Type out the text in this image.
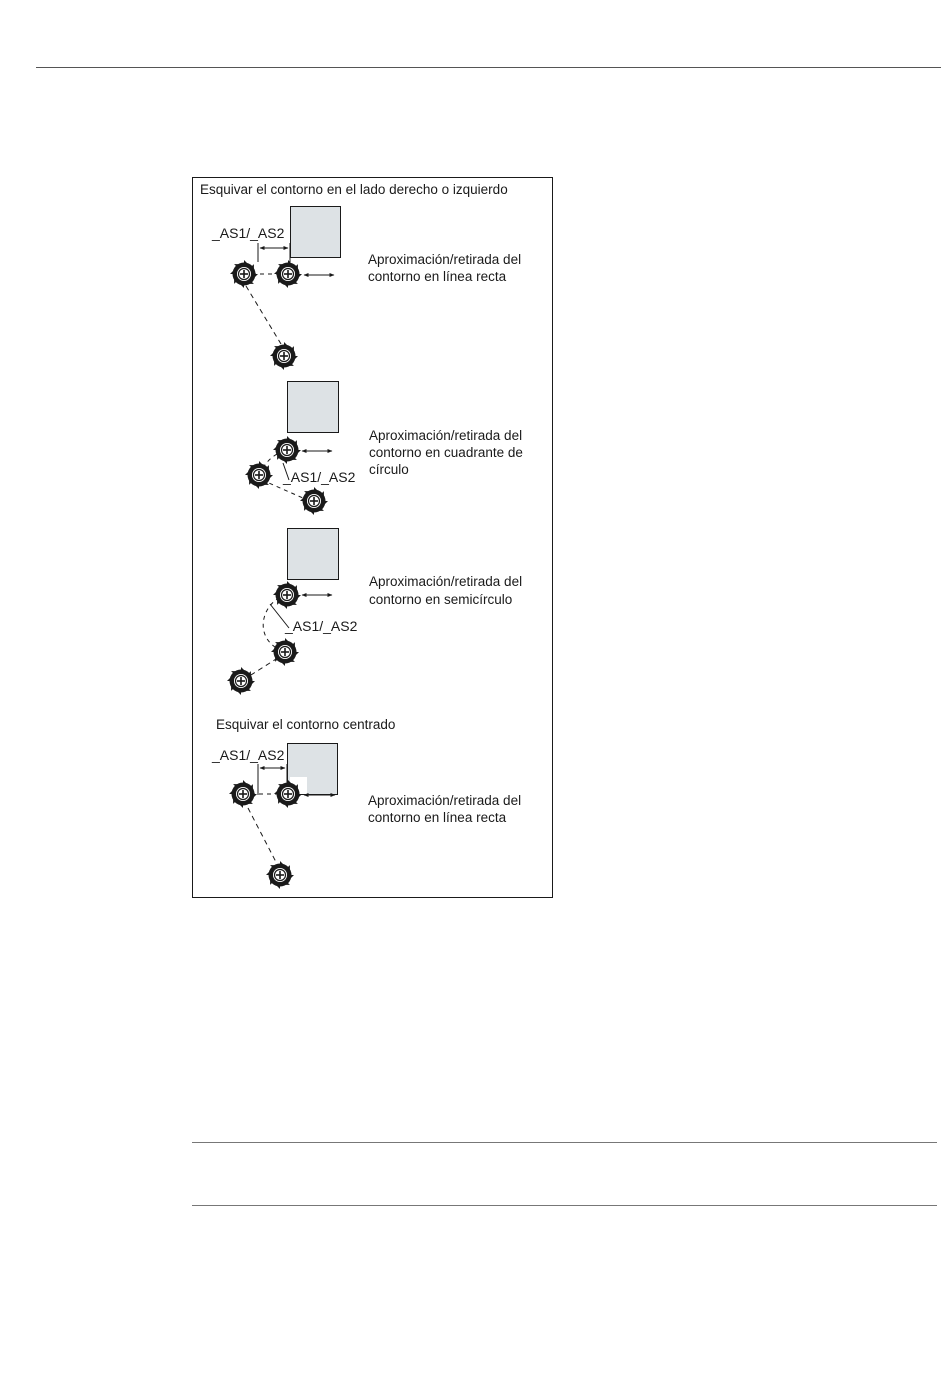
Esquivar el contorno en el lado derecho o izquierdo
_AS1/_AS2
Aproximación/retirada del
contorno en línea recta
_AS1/_AS2
Aproximación/retirada del
contorno en cuadrante de
círculo
_AS1/_AS2
Aproximación/retirada del
contorno en semicírculo
Esquivar el contorno centrado
_AS1/_AS2
Aproximación/retirada del
contorno en línea recta
